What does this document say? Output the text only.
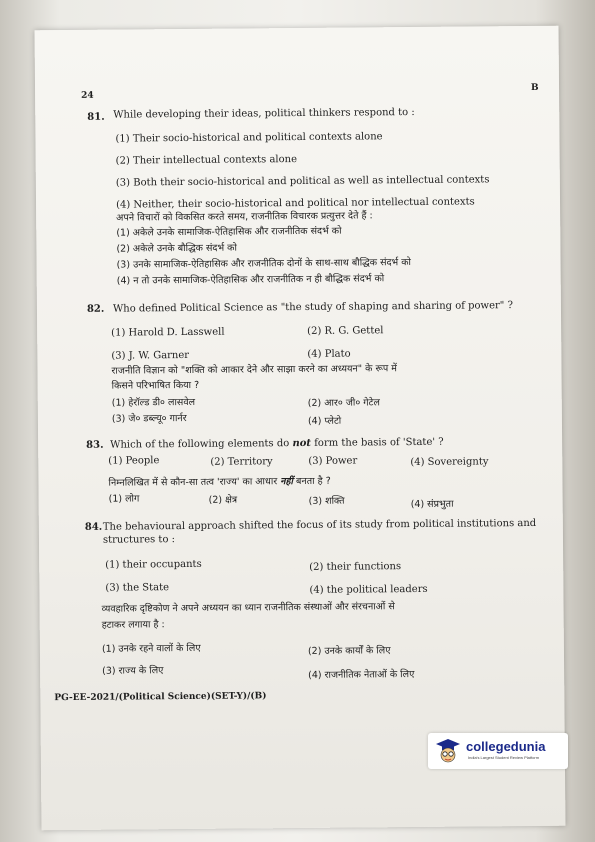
24
B
81. While developing their ideas, political thinkers respond to :
(1) Their socio-historical and political contexts alone
(2) Their intellectual contexts alone
(3) Both their socio-historical and political as well as intellectual contexts
(4) Neither, their socio-historical and political nor intellectual contexts
अपने विचारों को विकसित करते समय, राजनीतिक विचारक प्रत्युत्तर देते हैं :
(1) अकेले उनके सामाजिक-ऐतिहासिक और राजनीतिक संदर्भ को
(2) अकेले उनके बौद्धिक संदर्भ को
(3) उनके सामाजिक-ऐतिहासिक और राजनीतिक दोनों के साथ-साथ बौद्धिक संदर्भ को
(4) न तो उनके सामाजिक-ऐतिहासिक और राजनीतिक न ही बौद्धिक संदर्भ को
82. Who defined Political Science as "the study of shaping and sharing of power" ?
(1) Harold D. Lasswell	(2) R. G. Gettel
(3) J. W. Garner	(4) Plato
राजनीति विज्ञान को "शक्ति को आकार देने और साझा करने का अध्ययन" के रूप में
किसने परिभाषित किया ?
(1) हेरॉल्ड डी० लासवेल	(2) आर० जी० गेटेल
(3) जे० डब्ल्यू० गार्नर	(4) प्लेटो
83. Which of the following elements do not form the basis of 'State' ?
(1) People	(2) Territory	(3) Power	(4) Sovereignty
निम्नलिखित में से कौन-सा तत्व 'राज्य' का आधार नहीं बनता है ?
(1) लोग	(2) क्षेत्र	(3) शक्ति	(4) संप्रभुता
84. The behavioural approach shifted the focus of its study from political institutions and
structures to :
(1) their occupants	(2) their functions
(3) the State	(4) the political leaders
व्यवहारिक दृष्टिकोण ने अपने अध्ययन का ध्यान राजनीतिक संस्थाओं और संरचनाओं से
हटाकर लगाया है :
(1) उनके रहने वालों के लिए	(2) उनके कार्यों के लिए
(3) राज्य के लिए	(4) राजनीतिक नेताओं के लिए
PG-EE-2021/(Political Science)(SET-Y)/(B)
collegedunia
India's Largest Student Review Platform
